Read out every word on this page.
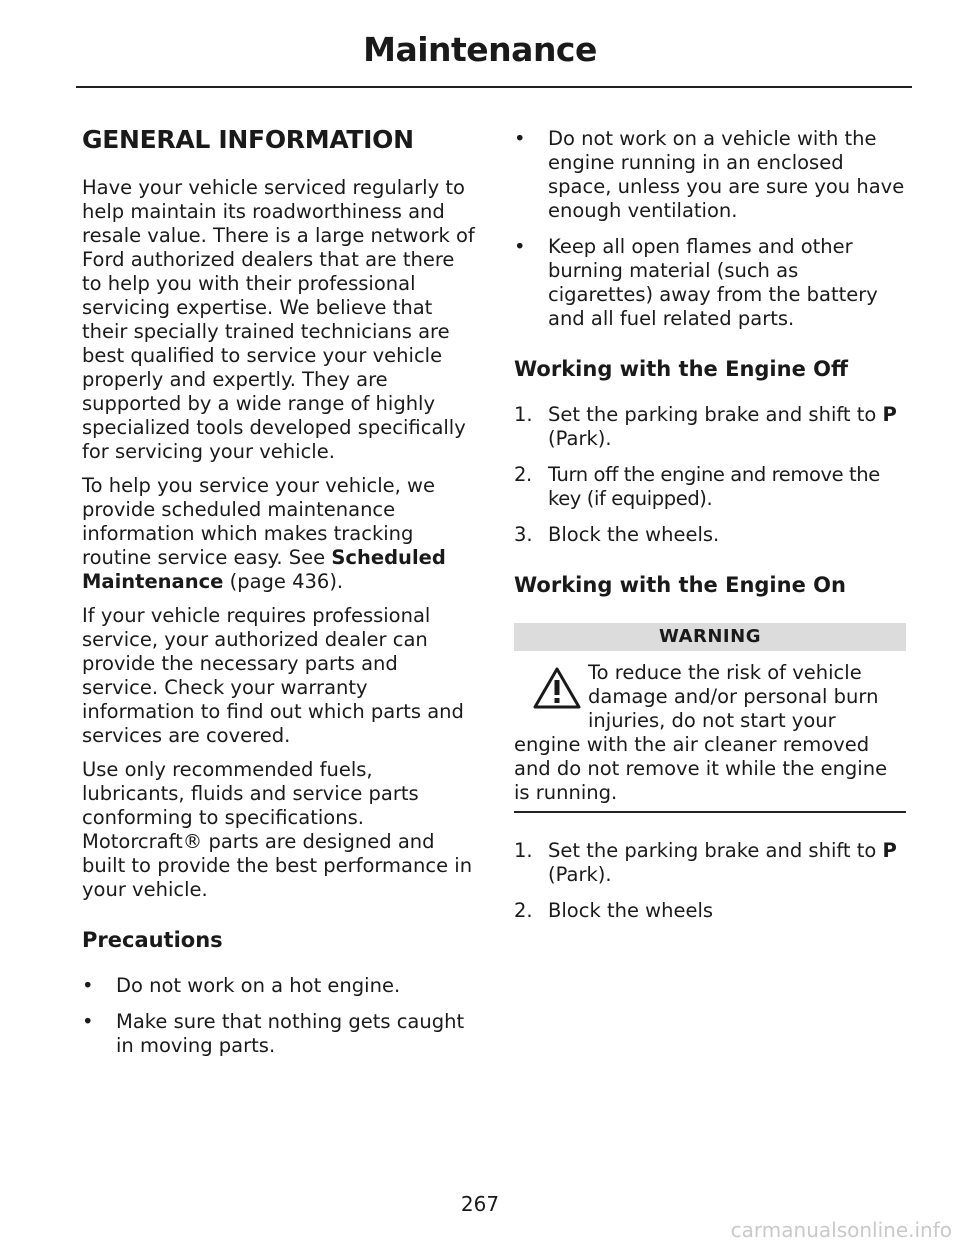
Maintenance
GENERAL INFORMATION

Have your vehicle serviced regularly to help maintain its roadworthiness and resale value. There is a large network of Ford authorized dealers that are there to help you with their professional servicing expertise. We believe that their specially trained technicians are best qualified to service your vehicle properly and expertly. They are supported by a wide range of highly specialized tools developed specifically for servicing your vehicle.

To help you service your vehicle, we provide scheduled maintenance information which makes tracking routine service easy. See Scheduled Maintenance (page 436).

If your vehicle requires professional service, your authorized dealer can provide the necessary parts and service. Check your warranty information to find out which parts and services are covered.

Use only recommended fuels, lubricants, fluids and service parts conforming to specifications. Motorcraft® parts are designed and built to provide the best performance in your vehicle.

Precautions
• Do not work on a hot engine.
• Make sure that nothing gets caught in moving parts.
• Do not work on a vehicle with the engine running in an enclosed space, unless you are sure you have enough ventilation.
• Keep all open flames and other burning material (such as cigarettes) away from the battery and all fuel related parts.
Working with the Engine Off
1. Set the parking brake and shift to P (Park).
2. Turn off the engine and remove the key (if equipped).
3. Block the wheels.
Working with the Engine On
WARNING
To reduce the risk of vehicle damage and/or personal burn injuries, do not start your engine with the air cleaner removed and do not remove it while the engine is running.
1. Set the parking brake and shift to P (Park).
2. Block the wheels
267
carmanualsonline.info
